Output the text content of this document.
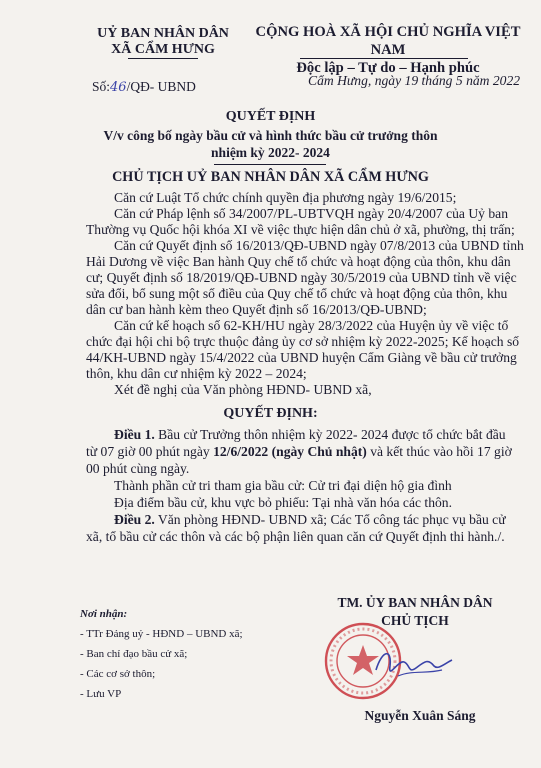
UỶ BAN NHÂN DÂN
XÃ CẨM HƯNG
Số:46/QĐ- UBND
CỘNG HOÀ XÃ HỘI CHỦ NGHĨA VIỆT NAM
Độc lập – Tự do – Hạnh phúc
Cẩm Hưng, ngày 19 tháng 5 năm 2022
QUYẾT ĐỊNH
V/v công bố ngày bầu cử và hình thức bầu cử trưởng thôn
nhiệm kỳ 2022- 2024
CHỦ TỊCH UỶ BAN NHÂN DÂN XÃ CẨM HƯNG
Căn cứ Luật Tổ chức chính quyền địa phương ngày 19/6/2015;
Căn cứ Pháp lệnh số 34/2007/PL-UBTVQH ngày 20/4/2007 của Uỷ ban
Thường vụ Quốc hội khóa XI về việc thực hiện dân chủ ở xã, phường, thị trấn;
Căn cứ Quyết định số 16/2013/QĐ-UBND ngày 07/8/2013 của UBND tỉnh
Hải Dương về việc Ban hành Quy chế tổ chức và hoạt động của thôn, khu dân
cư; Quyết định số 18/2019/QĐ-UBND ngày 30/5/2019 của UBND tỉnh về việc
sửa đổi, bổ sung một số điều của Quy chế tổ chức và hoạt động của thôn, khu
dân cư ban hành kèm theo Quyết định số 16/2013/QĐ-UBND;
Căn cứ kế hoạch số 62-KH/HU ngày 28/3/2022 của Huyện ủy về việc tổ
chức đại hội chi bộ trực thuộc đảng ủy cơ sở nhiệm kỳ 2022-2025; Kế hoạch số
44/KH-UBND ngày 15/4/2022 của UBND huyện Cẩm Giàng về bầu cử trưởng
thôn, khu dân cư nhiệm kỳ 2022 – 2024;
Xét đề nghị của Văn phòng HĐND- UBND xã,
QUYẾT ĐỊNH:
Điều 1. Bầu cử Trưởng thôn nhiệm kỳ 2022- 2024 được tổ chức bắt đầu
từ 07 giờ 00 phút ngày 12/6/2022 (ngày Chủ nhật) và kết thúc vào hồi 17 giờ
00 phút cùng ngày.
Thành phần cử tri tham gia bầu cử: Cử tri đại diện hộ gia đình
Địa điểm bầu cử, khu vực bỏ phiếu: Tại nhà văn hóa các thôn.
Điều 2. Văn phòng HĐND- UBND xã; Các Tổ công tác phục vụ bầu cử
xã, tổ bầu cử các thôn và các bộ phận liên quan căn cứ Quyết định thi hành./.
Nơi nhận:
- TTr Đảng uỷ - HĐND – UBND xã;
- Ban chỉ đạo bầu cử xã;
- Các cơ sở thôn;
- Lưu VP
TM. ỦY BAN NHÂN DÂN
CHỦ TỊCH
Nguyễn Xuân Sáng
